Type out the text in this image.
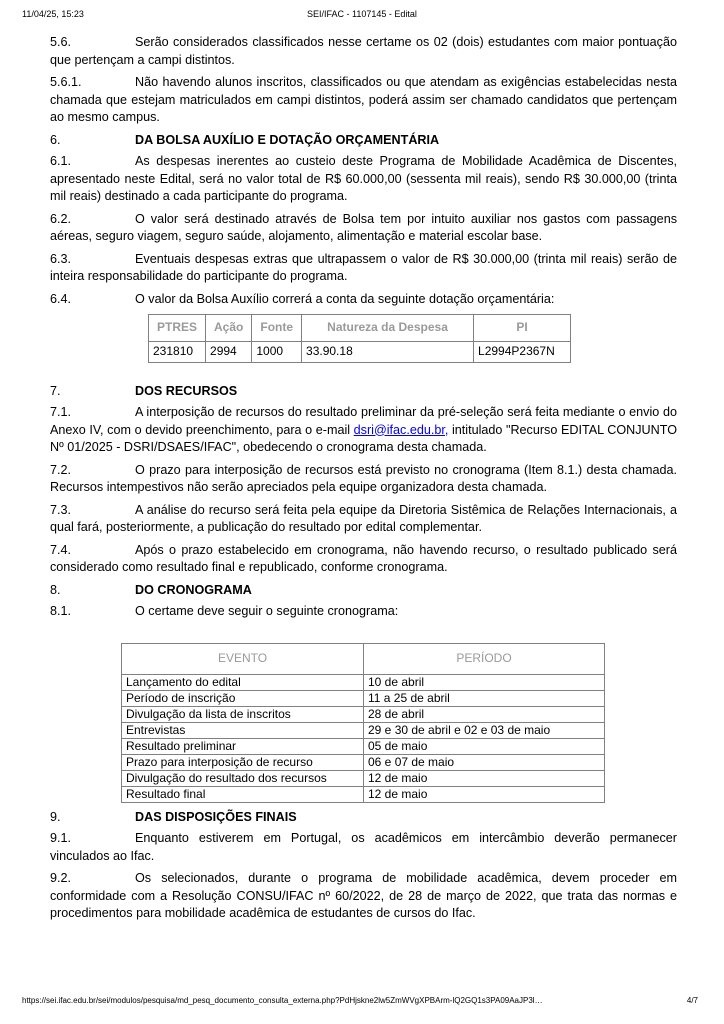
11/04/25, 15:23	SEI/IFAC - 1107145 - Edital

5.6.	Serão considerados classificados nesse certame os 02 (dois) estudantes com maior pontuação que pertençam a campi distintos.

5.6.1.	Não havendo alunos inscritos, classificados ou que atendam as exigências estabelecidas nesta chamada que estejam matriculados em campi distintos, poderá assim ser chamado candidatos que pertençam ao mesmo campus.

6.	DA BOLSA AUXÍLIO E DOTAÇÃO ORÇAMENTÁRIA

6.1.	As despesas inerentes ao custeio deste Programa de Mobilidade Acadêmica de Discentes, apresentado neste Edital, será no valor total de R$ 60.000,00 (sessenta mil reais), sendo R$ 30.000,00 (trinta mil reais) destinado a cada participante do programa.

6.2.	O valor será destinado através de Bolsa tem por intuito auxiliar nos gastos com passagens aéreas, seguro viagem, seguro saúde, alojamento, alimentação e material escolar base.

6.3.	Eventuais despesas extras que ultrapassem o valor de R$ 30.000,00 (trinta mil reais) serão de inteira responsabilidade do participante do programa.

6.4.	O valor da Bolsa Auxílio correrá a conta da seguinte dotação orçamentária:

PTRES	Ação	Fonte	Natureza da Despesa	PI
231810	2994	1000	33.90.18	L2994P2367N

7.	DOS RECURSOS

7.1.	A interposição de recursos do resultado preliminar da pré-seleção será feita mediante o envio do Anexo IV, com o devido preenchimento, para o e-mail dsri@ifac.edu.br, intitulado "Recurso EDITAL CONJUNTO Nº 01/2025 - DSRI/DSAES/IFAC", obedecendo o cronograma desta chamada.

7.2.	O prazo para interposição de recursos está previsto no cronograma (Item 8.1.) desta chamada. Recursos intempestivos não serão apreciados pela equipe organizadora desta chamada.

7.3.	A análise do recurso será feita pela equipe da Diretoria Sistêmica de Relações Internacionais, a qual fará, posteriormente, a publicação do resultado por edital complementar.

7.4.	Após o prazo estabelecido em cronograma, não havendo recurso, o resultado publicado será considerado como resultado final e republicado, conforme cronograma.

8.	DO CRONOGRAMA

8.1.	O certame deve seguir o seguinte cronograma:

EVENTO	PERÍODO
Lançamento do edital	10 de abril
Período de inscrição	11 a 25 de abril
Divulgação da lista de inscritos	28 de abril
Entrevistas	29 e 30 de abril e 02 e 03 de maio
Resultado preliminar	05 de maio
Prazo para interposição de recurso	06 e 07 de maio
Divulgação do resultado dos recursos	12 de maio
Resultado final	12 de maio

9.	DAS DISPOSIÇÕES FINAIS

9.1.	Enquanto estiverem em Portugal, os acadêmicos em intercâmbio deverão permanecer vinculados ao Ifac.

9.2.	Os selecionados, durante o programa de mobilidade acadêmica, devem proceder em conformidade com a Resolução CONSU/IFAC nº 60/2022, de 28 de março de 2022, que trata das normas e procedimentos para mobilidade acadêmica de estudantes de cursos do Ifac.

https://sei.ifac.edu.br/sei/modulos/pesquisa/md_pesq_documento_consulta_externa.php?PdHjskne2lw5ZmWVgXPBArm-lQ2GQ1s3PA09AaJP3l…	4/7
